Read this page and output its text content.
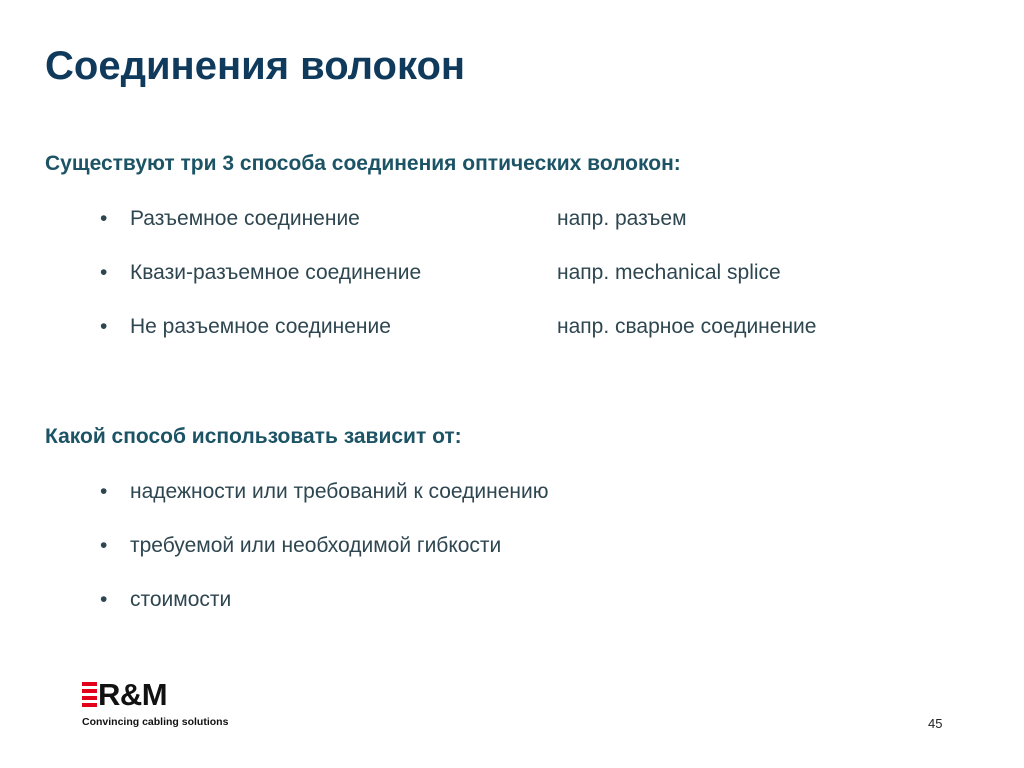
Соединения волокон
Существуют три 3 способа соединения оптических волокон:
•	Разъемное соединение	напр. разъем
•	Квази-разъемное соединение	напр. mechanical splice
•	Не разъемное соединение	напр. сварное соединение
Какой способ использовать зависит от:
•	надежности или требований к соединению
•	требуемой или необходимой гибкости
•	стоимости
R&M
Convincing cabling solutions	45
